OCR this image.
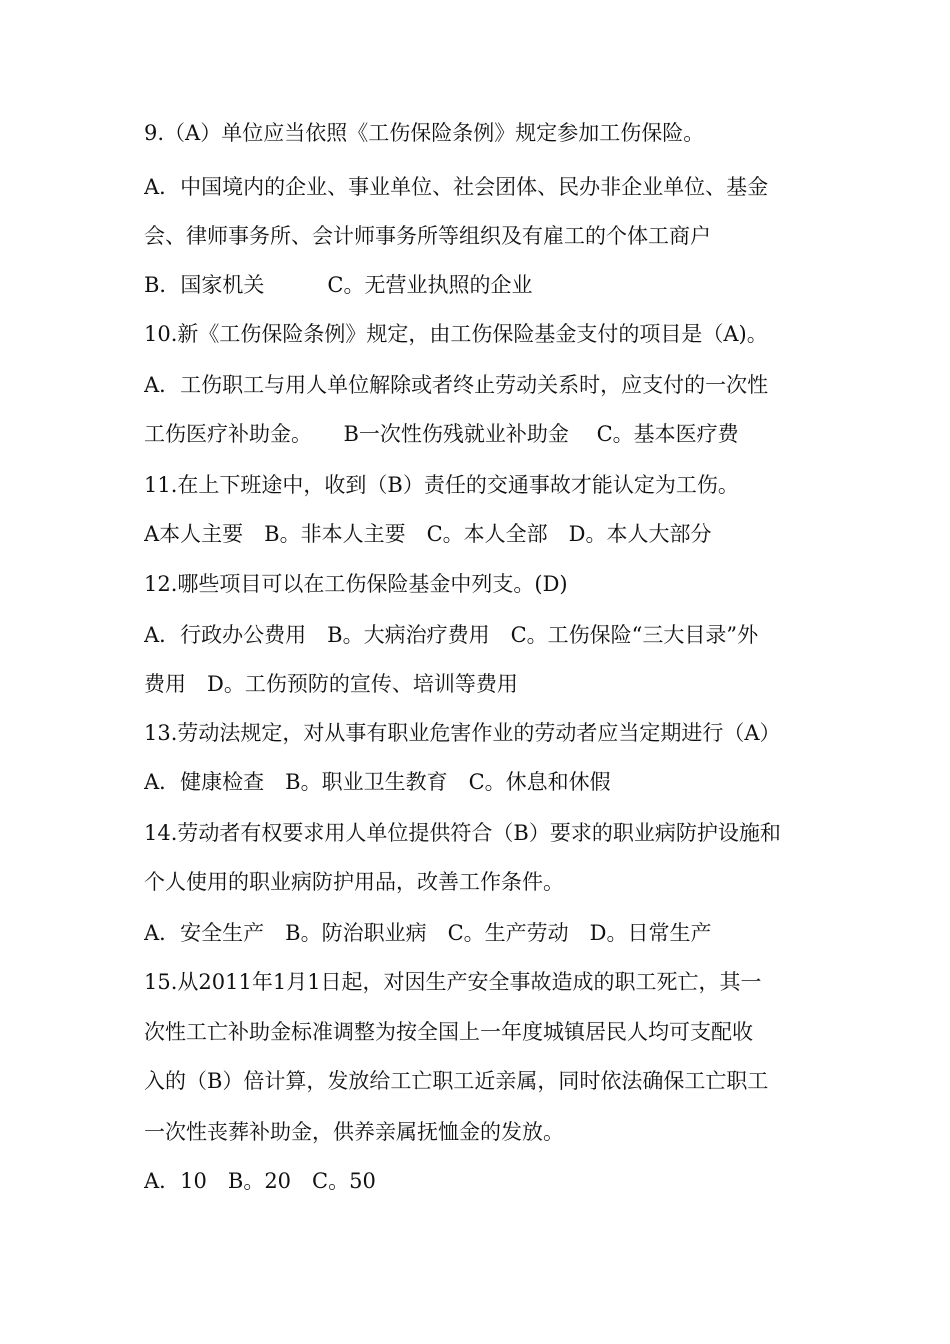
9.（A）单位应当依照《工伤保险条例》规定参加工伤保险。
A．中国境内的企业、事业单位、社会团体、民办非企业单位、基金
会、律师事务所、会计师事务所等组织及有雇工的个体工商户
B．国家机关　　　C。无营业执照的企业
10.新《工伤保险条例》规定，由工伤保险基金支付的项目是（A)。
A．工伤职工与用人单位解除或者终止劳动关系时，应支付的一次性
工伤医疗补助金。　　B一次性伤残就业补助金　 C。基本医疗费
11.在上下班途中，收到（B）责任的交通事故才能认定为工伤。
A本人主要　B。非本人主要　C。本人全部　D。本人大部分
12.哪些项目可以在工伤保险基金中列支。(D)
A．行政办公费用　B。大病治疗费用　C。工伤保险“三大目录”外
费用　D。工伤预防的宣传、培训等费用
13.劳动法规定，对从事有职业危害作业的劳动者应当定期进行（A）
A．健康检查　B。职业卫生教育　C。休息和休假
14.劳动者有权要求用人单位提供符合（B）要求的职业病防护设施和
个人使用的职业病防护用品，改善工作条件。
A．安全生产　B。防治职业病　C。生产劳动　D。日常生产
15.从2011年1月1日起，对因生产安全事故造成的职工死亡，其一
次性工亡补助金标准调整为按全国上一年度城镇居民人均可支配收
入的（B）倍计算，发放给工亡职工近亲属，同时依法确保工亡职工
一次性丧葬补助金，供养亲属抚恤金的发放。
A．10　B。20　C。50
